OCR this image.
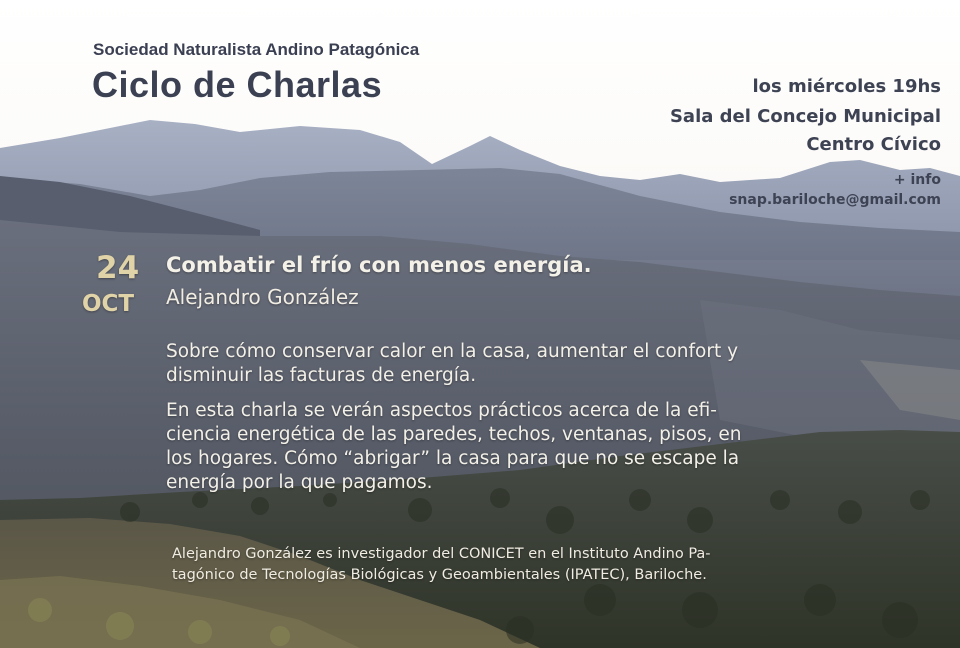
Sociedad Naturalista Andino Patagónica
Ciclo de Charlas	los miércoles 19hs
Sala del Concejo Municipal
Centro Cívico
+ info
snap.bariloche@gmail.com
24
OCT
Combatir el frío con menos energía.
Alejandro González
Sobre cómo conservar calor en la casa, aumentar el confort y
disminuir las facturas de energía.
En esta charla se verán aspectos prácticos acerca de la efi-
ciencia energética de las paredes, techos, ventanas, pisos, en
los hogares. Cómo “abrigar” la casa para que no se escape la
energía por la que pagamos.
Alejandro González es investigador del CONICET en el Instituto Andino Pa-
tagónico de Tecnologías Biológicas y Geoambientales (IPATEC), Bariloche.
